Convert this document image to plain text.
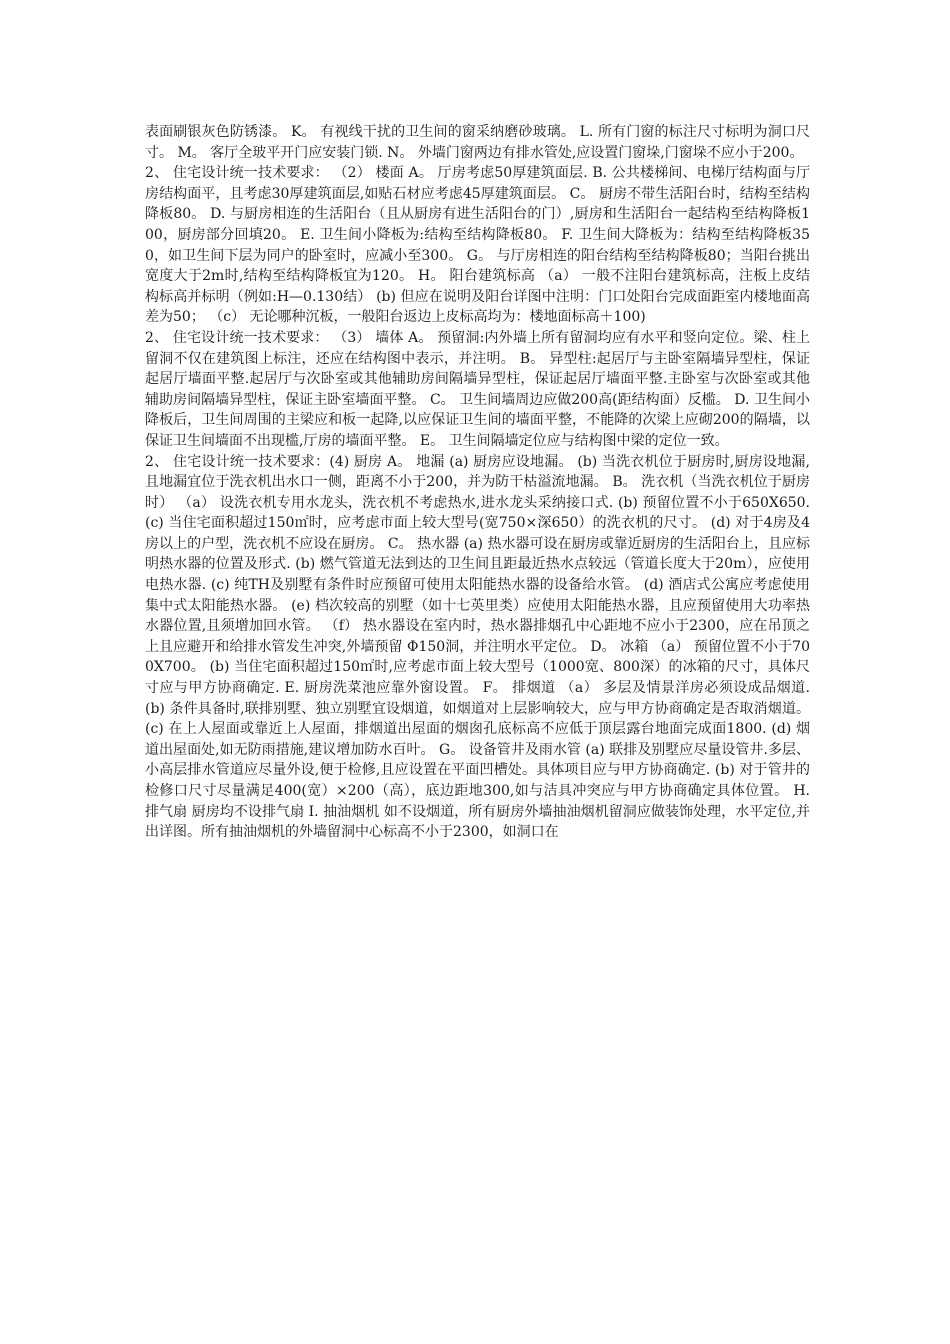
表面刷银灰色防锈漆。 K。 有视线干扰的卫生间的窗采纳磨砂玻璃。 L. 所有门窗的标注尺寸标明为洞口尺寸。 M。 客厅全玻平开门应安装门锁. N。 外墙门窗两边有排水管处,应设置门窗垛,门窗垛不应小于200。

2、 住宅设计统一技术要求： （2） 楼面 A。 厅房考虑50厚建筑面层. B. 公共楼梯间、电梯厅结构面与厅房结构面平，且考虑30厚建筑面层,如贴石材应考虑45厚建筑面层。 C。 厨房不带生活阳台时，结构至结构降板80。 D. 与厨房相连的生活阳台（且从厨房有进生活阳台的门）,厨房和生活阳台一起结构至结构降板100，厨房部分回填20。 E. 卫生间小降板为:结构至结构降板80。 F. 卫生间大降板为：结构至结构降板350，如卫生间下层为同户的卧室时，应减小至300。 G。 与厅房相连的阳台结构至结构降板80；当阳台挑出宽度大于2m时,结构至结构降板宜为120。 H。 阳台建筑标高 （a） 一般不注阳台建筑标高，注板上皮结构标高并标明（例如:H—0.130结） (b) 但应在说明及阳台详图中注明：门口处阳台完成面距室内楼地面高差为50； （c） 无论哪种沉板，一般阳台返边上皮标高均为：楼地面标高＋100)

2、 住宅设计统一技术要求： （3） 墙体 A。 预留洞:内外墙上所有留洞均应有水平和竖向定位。梁、柱上留洞不仅在建筑图上标注，还应在结构图中表示，并注明。 B。 异型柱:起居厅与主卧室隔墙异型柱，保证起居厅墙面平整.起居厅与次卧室或其他辅助房间隔墙异型柱，保证起居厅墙面平整.主卧室与次卧室或其他辅助房间隔墙异型柱，保证主卧室墙面平整。 C。 卫生间墙周边应做200高(距结构面）反槛。 D. 卫生间小降板后，卫生间周围的主梁应和板一起降,以应保证卫生间的墙面平整，不能降的次梁上应砌200的隔墙，以保证卫生间墙面不出现槛,厅房的墙面平整。 E。 卫生间隔墙定位应与结构图中梁的定位一致。

2、 住宅设计统一技术要求：(4) 厨房 A。 地漏 (a) 厨房应设地漏。 (b) 当洗衣机位于厨房时,厨房设地漏,且地漏宜位于洗衣机出水口一侧，距离不小于200，并为防干枯溢流地漏。 B。 洗衣机（当洗衣机位于厨房时） （a） 设洗衣机专用水龙头，洗衣机不考虑热水,进水龙头采纳接口式. (b) 预留位置不小于650X650. (c) 当住宅面积超过150㎡时，应考虑市面上较大型号(宽750×深650）的洗衣机的尺寸。 (d) 对于4房及4房以上的户型，洗衣机不应设在厨房。 C。 热水器 (a) 热水器可设在厨房或靠近厨房的生活阳台上，且应标明热水器的位置及形式. (b) 燃气管道无法到达的卫生间且距最近热水点较远（管道长度大于20m），应使用电热水器. (c) 纯TH及别墅有条件时应预留可使用太阳能热水器的设备给水管。 (d) 酒店式公寓应考虑使用集中式太阳能热水器。 (e) 档次较高的别墅（如十七英里类）应使用太阳能热水器，且应预留使用大功率热水器位置,且须增加回水管。 （f） 热水器设在室内时，热水器排烟孔中心距地不应小于2300，应在吊顶之上且应避开和给排水管发生冲突,外墙预留 Φ150洞，并注明水平定位。 D。 冰箱 （a） 预留位置不小于700X700。 (b) 当住宅面积超过150㎡时,应考虑市面上较大型号（1000宽、800深）的冰箱的尺寸，具体尺寸应与甲方协商确定. E. 厨房洗菜池应靠外窗设置。 F。 排烟道 （a） 多层及情景洋房必须设成品烟道. (b) 条件具备时,联排别墅、独立别墅宜设烟道，如烟道对上层影响较大，应与甲方协商确定是否取消烟道。 (c) 在上人屋面或靠近上人屋面，排烟道出屋面的烟囱孔底标高不应低于顶层露台地面完成面1800. (d) 烟道出屋面处,如无防雨措施,建议增加防水百叶。 G。 设备管井及雨水管 (a) 联排及别墅应尽量设管井.多层、小高层排水管道应尽量外设,便于检修,且应设置在平面凹槽处。具体项目应与甲方协商确定. (b) 对于管井的检修口尺寸尽量满足400(宽）×200（高），底边距地300,如与洁具冲突应与甲方协商确定具体位置。 H. 排气扇 厨房均不设排气扇 I. 抽油烟机 如不设烟道，所有厨房外墙抽油烟机留洞应做装饰处理，水平定位,并出详图。所有抽油烟机的外墙留洞中心标高不小于2300，如洞口在
